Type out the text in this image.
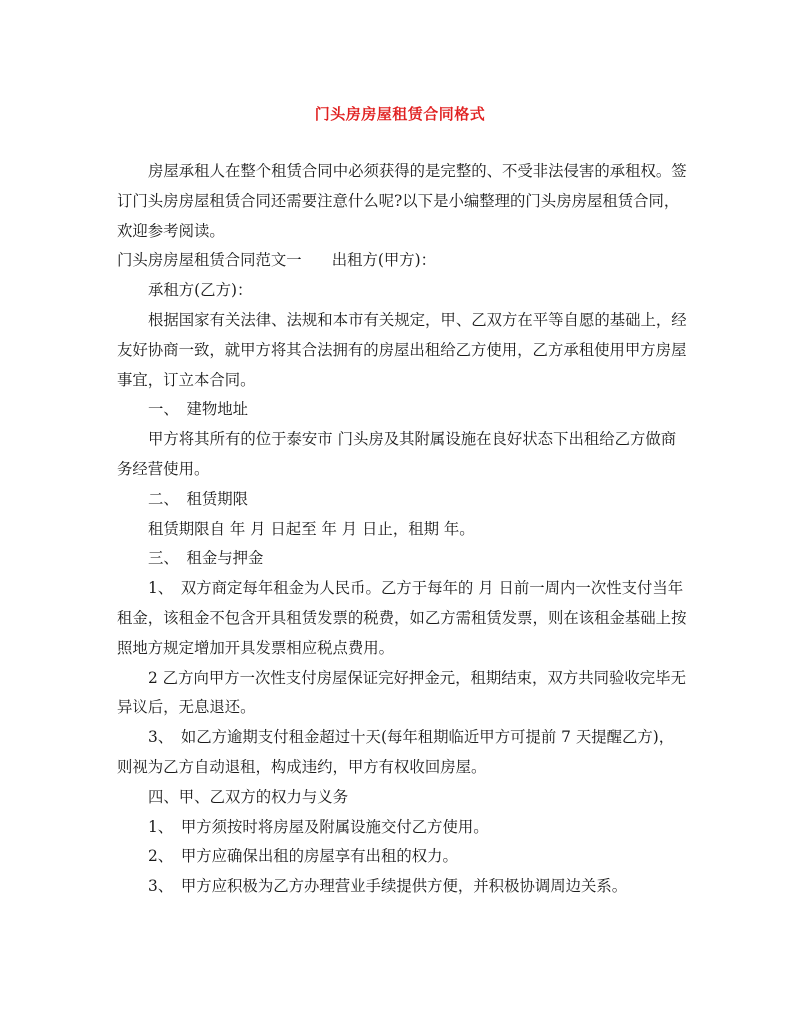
门头房房屋租赁合同格式

房屋承租人在整个租赁合同中必须获得的是完整的、不受非法侵害的承租权。签订门头房房屋租赁合同还需要注意什么呢?以下是小编整理的门头房房屋租赁合同，欢迎参考阅读。

门头房房屋租赁合同范文一 出租方(甲方)：

承租方(乙方)：

根据国家有关法律、法规和本市有关规定，甲、乙双方在平等自愿的基础上，经友好协商一致，就甲方将其合法拥有的房屋出租给乙方使用，乙方承租使用甲方房屋事宜，订立本合同。

一、　建物地址

甲方将其所有的位于泰安市 门头房及其附属设施在良好状态下出租给乙方做商务经营使用。

二、　租赁期限

租赁期限自 年 月 日起至 年 月 日止，租期 年。

三、　租金与押金

1、　双方商定每年租金为人民币。乙方于每年的 月 日前一周内一次性支付当年租金，该租金不包含开具租赁发票的税费，如乙方需租赁发票，则在该租金基础上按照地方规定增加开具发票相应税点费用。

2 乙方向甲方一次性支付房屋保证完好押金元，租期结束，双方共同验收完毕无异议后，无息退还。

3、　如乙方逾期支付租金超过十天(每年租期临近甲方可提前 7 天提醒乙方)，则视为乙方自动退租，构成违约，甲方有权收回房屋。

四、甲、乙双方的权力与义务

1、　甲方须按时将房屋及附属设施交付乙方使用。

2、　甲方应确保出租的房屋享有出租的权力。

3、　甲方应积极为乙方办理营业手续提供方便，并积极协调周边关系。
